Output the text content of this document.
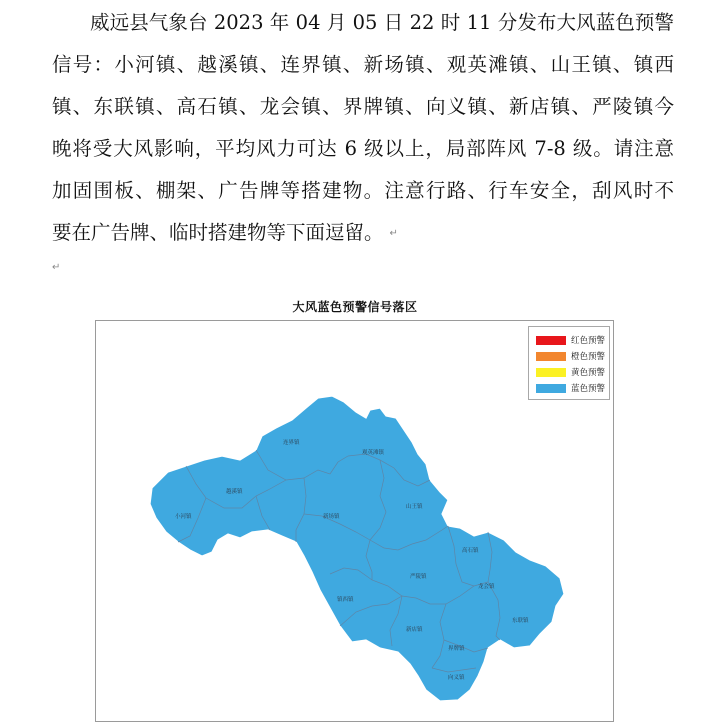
威远县气象台 2023 年 04 月 05 日 22 时 11 分发布大风蓝色预警
信号：小河镇、越溪镇、连界镇、新场镇、观英滩镇、山王镇、镇西
镇、东联镇、高石镇、龙会镇、界牌镇、向义镇、新店镇、严陵镇今
晚将受大风影响，平均风力可达 6 级以上，局部阵风 7-8 级。请注意
加固围板、棚架、广告牌等搭建物。注意行路、行车安全，刮风时不
要在广告牌、临时搭建物等下面逗留。 ↵
↵
大风蓝色预警信号落区
连界镇
观英滩镇
越溪镇
小河镇	新场镇
山王镇
高石镇
严陵镇
龙会镇
镇西镇
东联镇
新店镇
界牌镇
向义镇
红色预警
橙色预警
黄色预警
蓝色预警
